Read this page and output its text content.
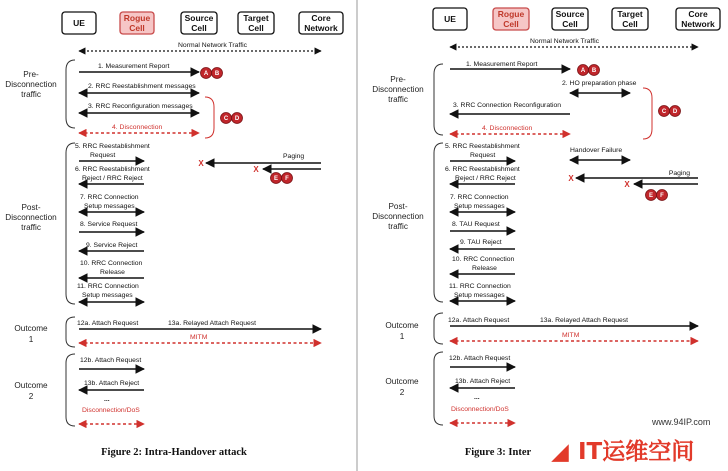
UE	Rogue
Cell
Source
Cell
Target
Cell
Core
Network
Normal Network Traffic
Pre-
Disconnection
traffic
1. Measurement Report
2. RRC Reestablishment messages
3. RRC Reconfiguration messages
4. Disconnection
A B
C D
Post-
Disconnection
traffic
5. RRC Reestablishment
Request
6. RRC Reestablishment
Reject / RRC Reject
7. RRC Connection
Setup messages
8. Service Request
9. Service Reject
10. RRC Connection
Release
11. RRC Connection
Setup messages
Paging
X
X
E F
Outcome
1
12a. Attach Request	13a. Relayed Attach Request
MITM
Outcome
2
12b. Attach Request
13b. Attach Reject
...
Disconnection/DoS
Figure 2: Intra-Handover attack
UE	Rogue
Cell
Source
Cell
Target
Cell
Core
Network
Normal Network Traffic
Pre-
Disconnection
traffic
1. Measurement Report
A B
2. HO preparation phase
3. RRC Connection Reconfiguration
4. Disconnection
C D
Post-
Disconnection
traffic
5. RRC Reestablishment
Request
Handover Failure
6. RRC Reestablishment
Reject / RRC Reject
Paging
X
X
E F
7. RRC Connection
Setup messages
8. TAU Request
9. TAU Reject
10. RRC Connection
Release
11. RRC Connection
Setup messages
Outcome
1
12a. Attach Request	13a. Relayed Attach Request
MITM
Outcome
2
12b. Attach Request
13b. Attach Reject
...
Disconnection/DoS
Figure 3: Inter
www.94IP.com
◢ IT运维空间
